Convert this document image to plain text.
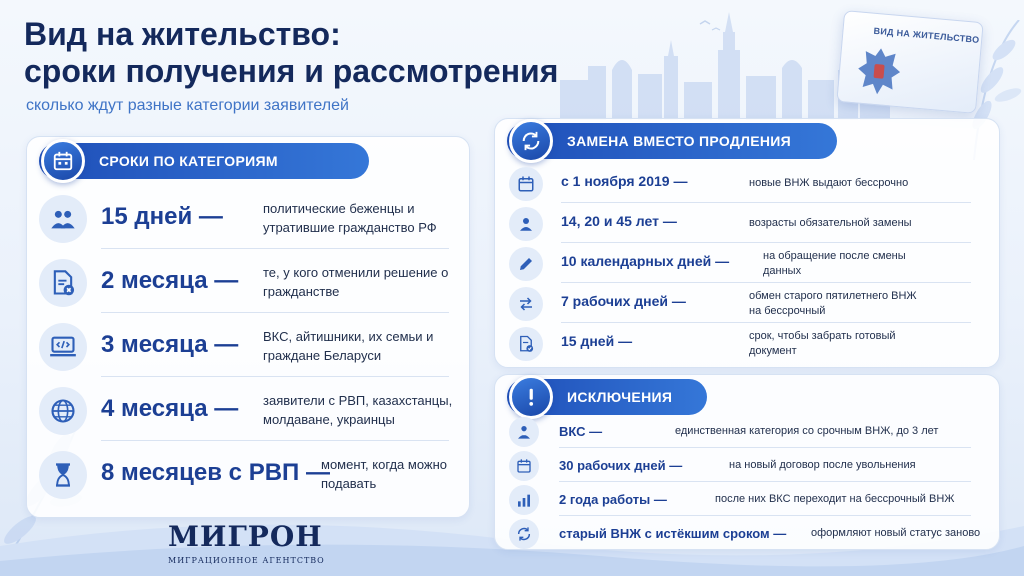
ВИД НА ЖИТЕЛЬСТВО
Вид на жительство:
сроки получения и рассмотрения
сколько ждут разные категории заявителей
СРОКИ ПО КАТЕГОРИЯМ
15 дней —	политические беженцы и утратившие гражданство РФ
2 месяца — те, у кого отменили решение о гражданстве
3 месяца — ВКС, айтишники, их семьи и граждане Беларуси
4 месяца — заявители с РВП, казахстанцы, молдаване, украинцы
8 месяцев с РВП —
момент, когда можно подавать
ЗАМЕНА ВМЕСТО ПРОДЛЕНИЯ
с 1 ноября 2019 —	новые ВНЖ выдают бессрочно
14, 20 и 45 лет —	возрасты обязательной замены
10 календарных дней —	на обращение после смены данных
7 рабочих дней —	обмен старого пятилетнего ВНЖ на бессрочный
15 дней —	срок, чтобы забрать готовый документ
ИСКЛЮЧЕНИЯ
ВКС —	единственная категория со срочным ВНЖ, до 3 лет
30 рабочих дней —	на новый договор после увольнения
2 года работы —	после них ВКС переходит на бессрочный ВНЖ
старый ВНЖ с истёкшим сроком — оформляют новый статус заново
МИГРОН
МИГРАЦИОННОЕ АГЕНТСТВО
